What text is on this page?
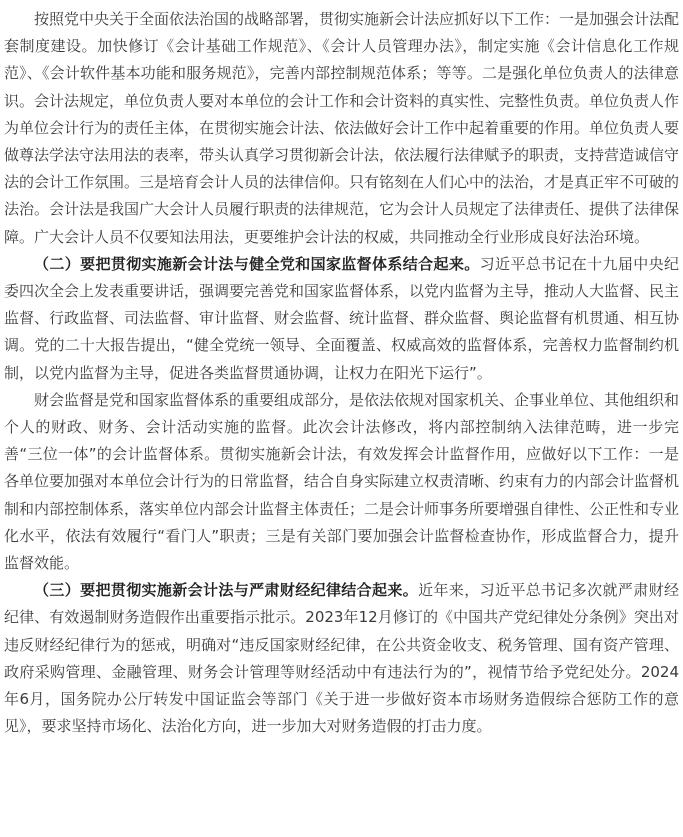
按照党中央关于全面依法治国的战略部署，贯彻实施新会计法应抓好以下工作：一是加强会计法配套制度建设。加快修订《会计基础工作规范》、《会计人员管理办法》，制定实施《会计信息化工作规范》、《会计软件基本功能和服务规范》，完善内部控制规范体系；等等。二是强化单位负责人的法律意识。会计法规定，单位负责人要对本单位的会计工作和会计资料的真实性、完整性负责。单位负责人作为单位会计行为的责任主体，在贯彻实施会计法、依法做好会计工作中起着重要的作用。单位负责人要做尊法学法守法用法的表率，带头认真学习贯彻新会计法，依法履行法律赋予的职责，支持营造诚信守法的会计工作氛围。三是培育会计人员的法律信仰。只有铭刻在人们心中的法治，才是真正牢不可破的法治。会计法是我国广大会计人员履行职责的法律规范，它为会计人员规定了法律责任、提供了法律保障。广大会计人员不仅要知法用法，更要维护会计法的权威，共同推动全行业形成良好法治环境。

（二）要把贯彻实施新会计法与健全党和国家监督体系结合起来。习近平总书记在十九届中央纪委四次全会上发表重要讲话，强调要完善党和国家监督体系，以党内监督为主导，推动人大监督、民主监督、行政监督、司法监督、审计监督、财会监督、统计监督、群众监督、舆论监督有机贯通、相互协调。党的二十大报告提出，“健全党统一领导、全面覆盖、权威高效的监督体系，完善权力监督制约机制，以党内监督为主导，促进各类监督贯通协调，让权力在阳光下运行”。

财会监督是党和国家监督体系的重要组成部分，是依法依规对国家机关、企事业单位、其他组织和个人的财政、财务、会计活动实施的监督。此次会计法修改，将内部控制纳入法律范畴，进一步完善“三位一体”的会计监督体系。贯彻实施新会计法，有效发挥会计监督作用，应做好以下工作：一是各单位要加强对本单位会计行为的日常监督，结合自身实际建立权责清晰、约束有力的内部会计监督机制和内部控制体系，落实单位内部会计监督主体责任；二是会计师事务所要增强自律性、公正性和专业化水平，依法有效履行“看门人”职责；三是有关部门要加强会计监督检查协作，形成监督合力，提升监督效能。

（三）要把贯彻实施新会计法与严肃财经纪律结合起来。近年来，习近平总书记多次就严肃财经纪律、有效遏制财务造假作出重要指示批示。2023年12月修订的《中国共产党纪律处分条例》突出对违反财经纪律行为的惩戒，明确对“违反国家财经纪律，在公共资金收支、税务管理、国有资产管理、政府采购管理、金融管理、财务会计管理等财经活动中有违法行为的”，视情节给予党纪处分。2024年6月，国务院办公厅转发中国证监会等部门《关于进一步做好资本市场财务造假综合惩防工作的意见》，要求坚持市场化、法治化方向，进一步加大对财务造假的打击力度。
